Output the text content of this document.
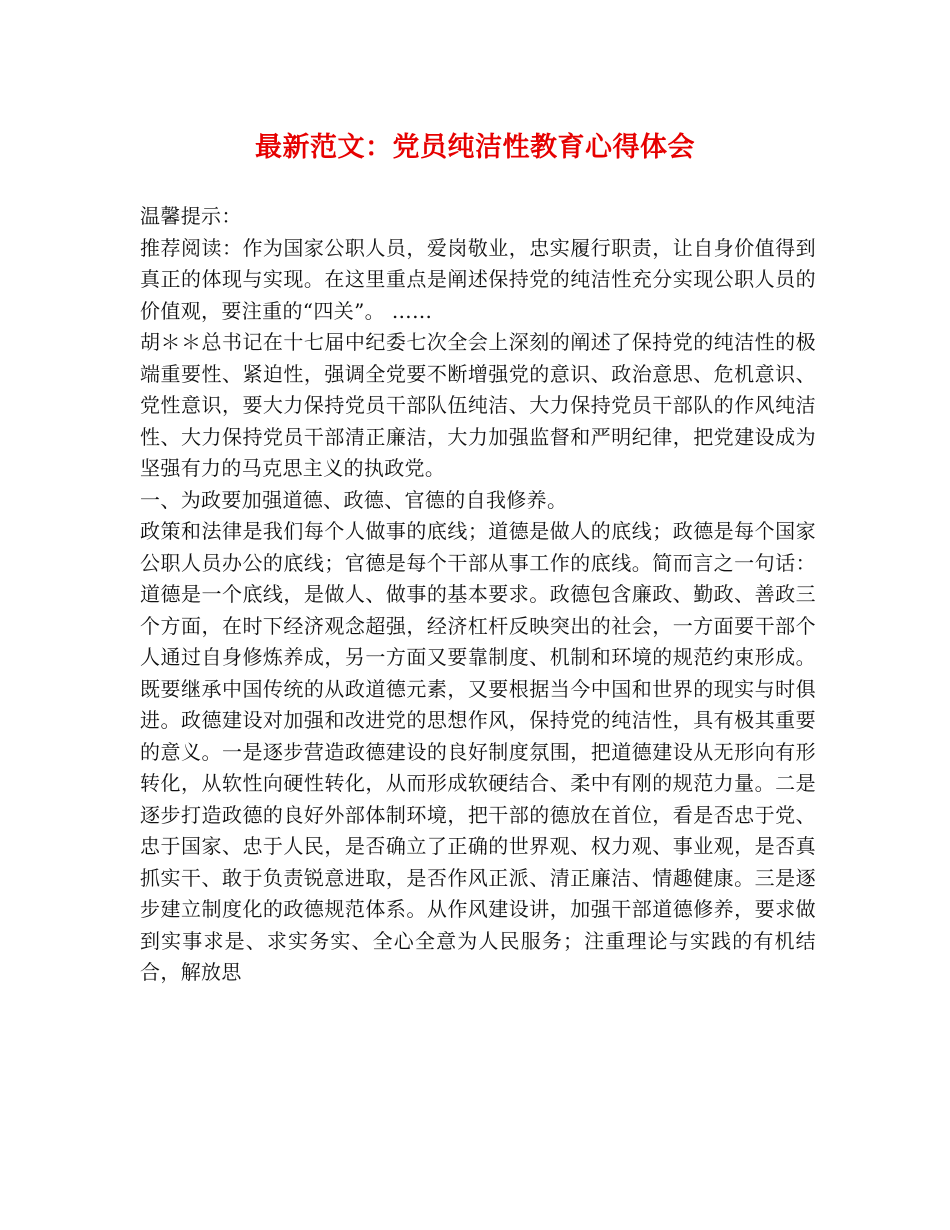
最新范文：党员纯洁性教育心得体会

温馨提示：

推荐阅读：作为国家公职人员，爱岗敬业，忠实履行职责，让自身价值得到真正的体现与实现。在这里重点是阐述保持党的纯洁性充分实现公职人员的价值观，要注重的“四关”。 ……

胡＊＊总书记在十七届中纪委七次全会上深刻的阐述了保持党的纯洁性的极端重要性、紧迫性，强调全党要不断增强党的意识、政治意思、危机意识、党性意识，要大力保持党员干部队伍纯洁、大力保持党员干部队的作风纯洁性、大力保持党员干部清正廉洁，大力加强监督和严明纪律，把党建设成为坚强有力的马克思主义的执政党。

一、为政要加强道德、政德、官德的自我修养。

政策和法律是我们每个人做事的底线；道德是做人的底线；政德是每个国家公职人员办公的底线；官德是每个干部从事工作的底线。简而言之一句话：道德是一个底线，是做人、做事的基本要求。政德包含廉政、勤政、善政三个方面，在时下经济观念超强，经济杠杆反映突出的社会，一方面要干部个人通过自身修炼养成，另一方面又要靠制度、机制和环境的规范约束形成。既要继承中国传统的从政道德元素，又要根据当今中国和世界的现实与时俱进。政德建设对加强和改进党的思想作风，保持党的纯洁性，具有极其重要的意义。一是逐步营造政德建设的良好制度氛围，把道德建设从无形向有形转化，从软性向硬性转化，从而形成软硬结合、柔中有刚的规范力量。二是逐步打造政德的良好外部体制环境，把干部的德放在首位，看是否忠于党、忠于国家、忠于人民，是否确立了正确的世界观、权力观、事业观，是否真抓实干、敢于负责锐意进取，是否作风正派、清正廉洁、情趣健康。三是逐步建立制度化的政德规范体系。从作风建设讲，加强干部道德修养，要求做到实事求是、求实务实、全心全意为人民服务；注重理论与实践的有机结合，解放思
